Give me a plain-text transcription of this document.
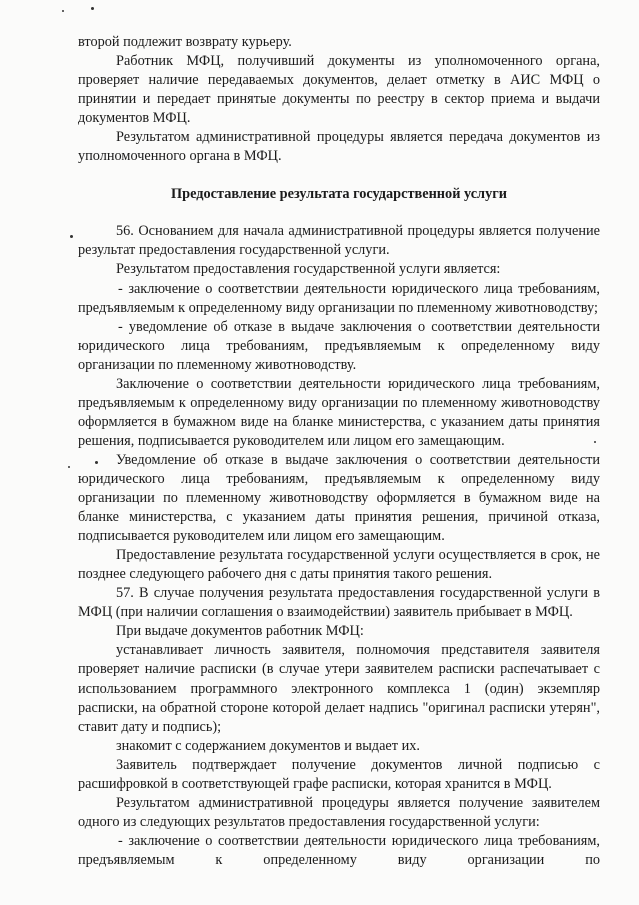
второй подлежит возврату курьеру.

Работник МФЦ, получивший документы из уполномоченного органа, проверяет наличие передаваемых документов, делает отметку в АИС МФЦ о принятии и передает принятые документы по реестру в сектор приема и выдачи документов МФЦ.

Результатом административной процедуры является передача документов из уполномоченного органа в МФЦ.

Предоставление результата государственной услуги

56. Основанием для начала административной процедуры является получение результат предоставления государственной услуги.

Результатом предоставления государственной услуги является:

- заключение о соответствии деятельности юридического лица требованиям, предъявляемым к определенному виду организации по племенному животноводству;

- уведомление об отказе в выдаче заключения о соответствии деятельности юридического лица требованиям, предъявляемым к определенному виду организации по племенному животноводству.

Заключение о соответствии деятельности юридического лица требованиям, предъявляемым к определенному виду организации по племенному животноводству оформляется в бумажном виде на бланке министерства, с указанием даты принятия решения, подписывается руководителем или лицом его замещающим.

Уведомление об отказе в выдаче заключения о соответствии деятельности юридического лица требованиям, предъявляемым к определенному виду организации по племенному животноводству оформляется в бумажном виде на бланке министерства, с указанием даты принятия решения, причиной отказа, подписывается руководителем или лицом его замещающим.

Предоставление результата государственной услуги осуществляется в срок, не позднее следующего рабочего дня с даты принятия такого решения.

57. В случае получения результата предоставления государственной услуги в МФЦ (при наличии соглашения о взаимодействии) заявитель прибывает в МФЦ.

При выдаче документов работник МФЦ:

устанавливает личность заявителя, полномочия представителя заявителя проверяет наличие расписки (в случае утери заявителем расписки распечатывает с использованием программного электронного комплекса 1 (один) экземпляр расписки, на обратной стороне которой делает надпись "оригинал расписки утерян", ставит дату и подпись);

знакомит с содержанием документов и выдает их.

Заявитель подтверждает получение документов личной подписью с расшифровкой в соответствующей графе расписки, которая хранится в МФЦ.

Результатом административной процедуры является получение заявителем одного из следующих результатов предоставления государственной услуги:

- заключение о соответствии деятельности юридического лица требованиям, предъявляемым к определенному виду организации по
